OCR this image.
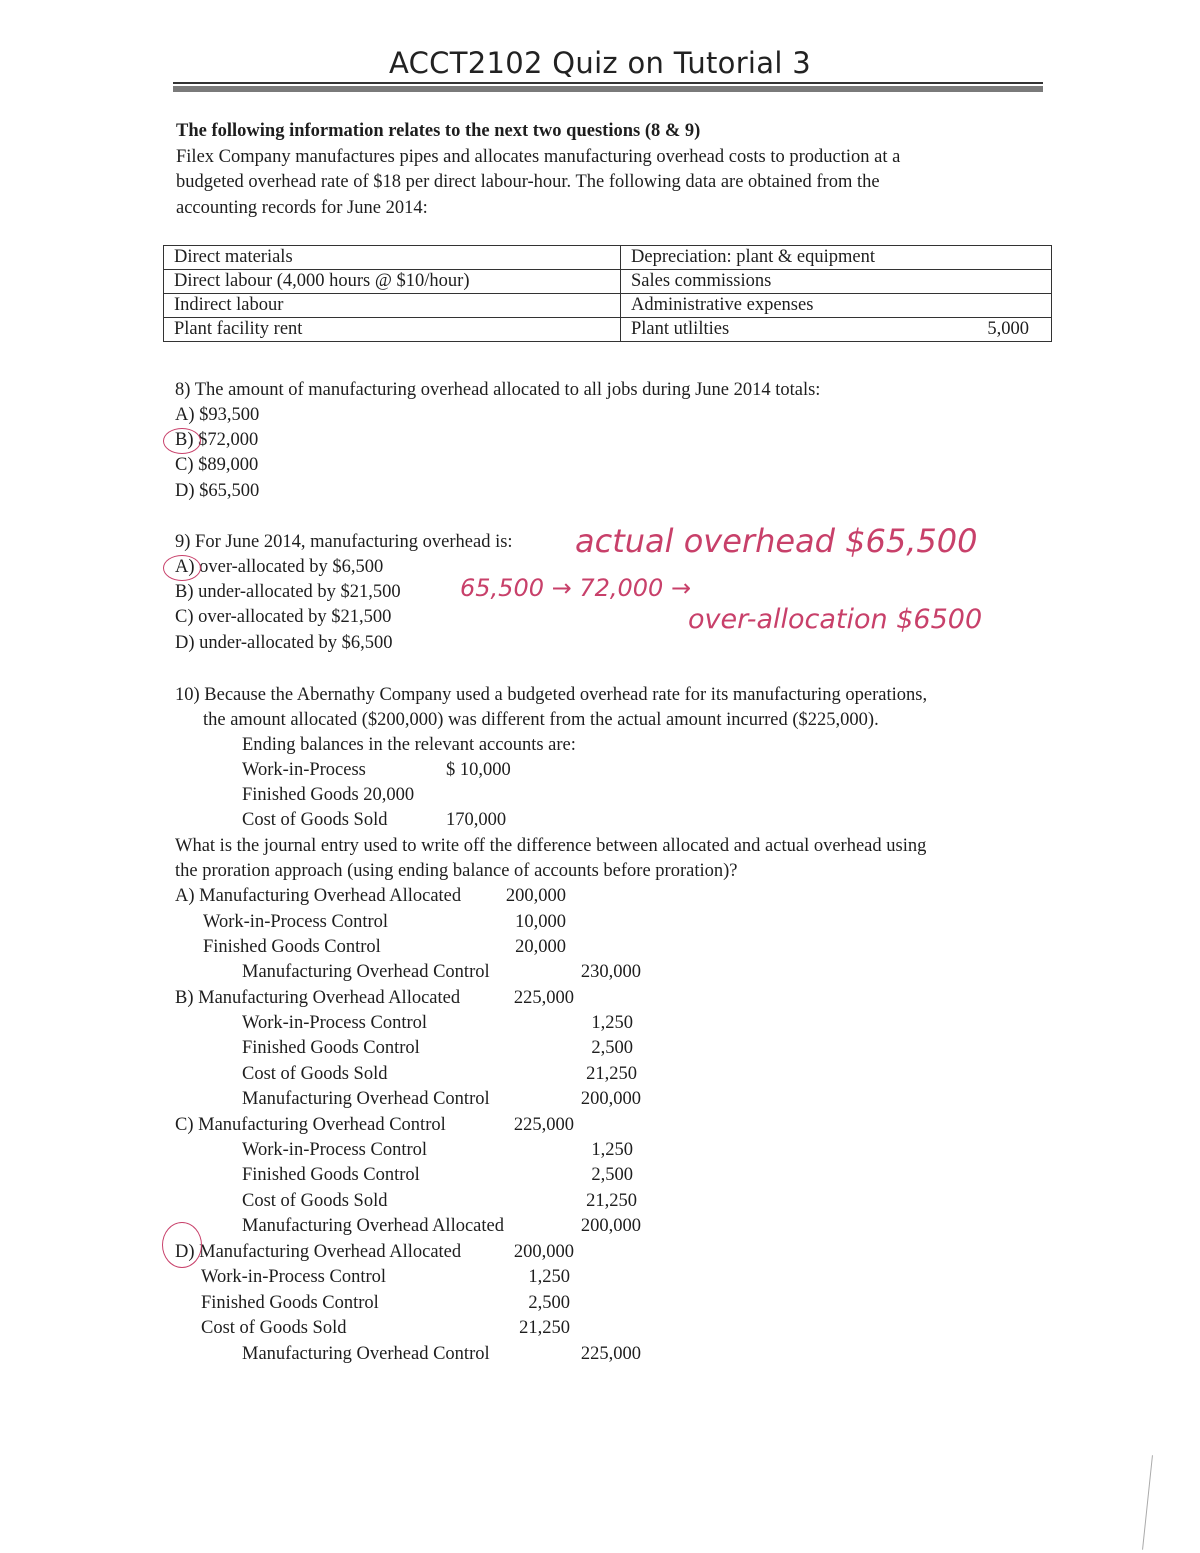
ACCT2102 Quiz on Tutorial 3
The following information relates to the next two questions (8 & 9)
Filex Company manufactures pipes and allocates manufacturing overhead costs to production at a
budgeted overhead rate of $18 per direct labour-hour. The following data are obtained from the
accounting records for June 2014:
Direct materials	Depreciation: plant & equipment

Direct labour (4,000 hours @ $10/hour)	Sales commissions

Indirect labour	Administrative expenses

Plant facility rent	Plant utlilties 5,000
8) The amount of manufacturing overhead allocated to all jobs during June 2014 totals:
A) $93,500
B) $72,000
C) $89,000
D) $65,500
9) For June 2014, manufacturing overhead is:
A) over-allocated by $6,500
B) under-allocated by $21,500
C) over-allocated by $21,500
D) under-allocated by $6,500
actual overhead $65,500
65,500 → 72,000 →
over-allocation $6500
10) Because the Abernathy Company used a budgeted overhead rate for its manufacturing operations,
the amount allocated ($200,000) was different from the actual amount incurred ($225,000).
Ending balances in the relevant accounts are:
Work-in-Process	$ 10,000
Finished Goods 20,000
Cost of Goods Sold	170,000
What is the journal entry used to write off the difference between allocated and actual overhead using
the proration approach (using ending balance of accounts before proration)?
A) Manufacturing Overhead Allocated	200,000
Work-in-Process Control	10,000
Finished Goods Control	20,000
Manufacturing Overhead Control	230,000
B) Manufacturing Overhead Allocated	225,000
Work-in-Process Control	1,250
Finished Goods Control	2,500
Cost of Goods Sold	21,250
Manufacturing Overhead Control	200,000
C) Manufacturing Overhead Control	225,000
Work-in-Process Control	1,250
Finished Goods Control	2,500
Cost of Goods Sold	21,250
Manufacturing Overhead Allocated	200,000
D) Manufacturing Overhead Allocated	200,000
Work-in-Process Control	1,250
Finished Goods Control	2,500
Cost of Goods Sold	21,250
Manufacturing Overhead Control	225,000
